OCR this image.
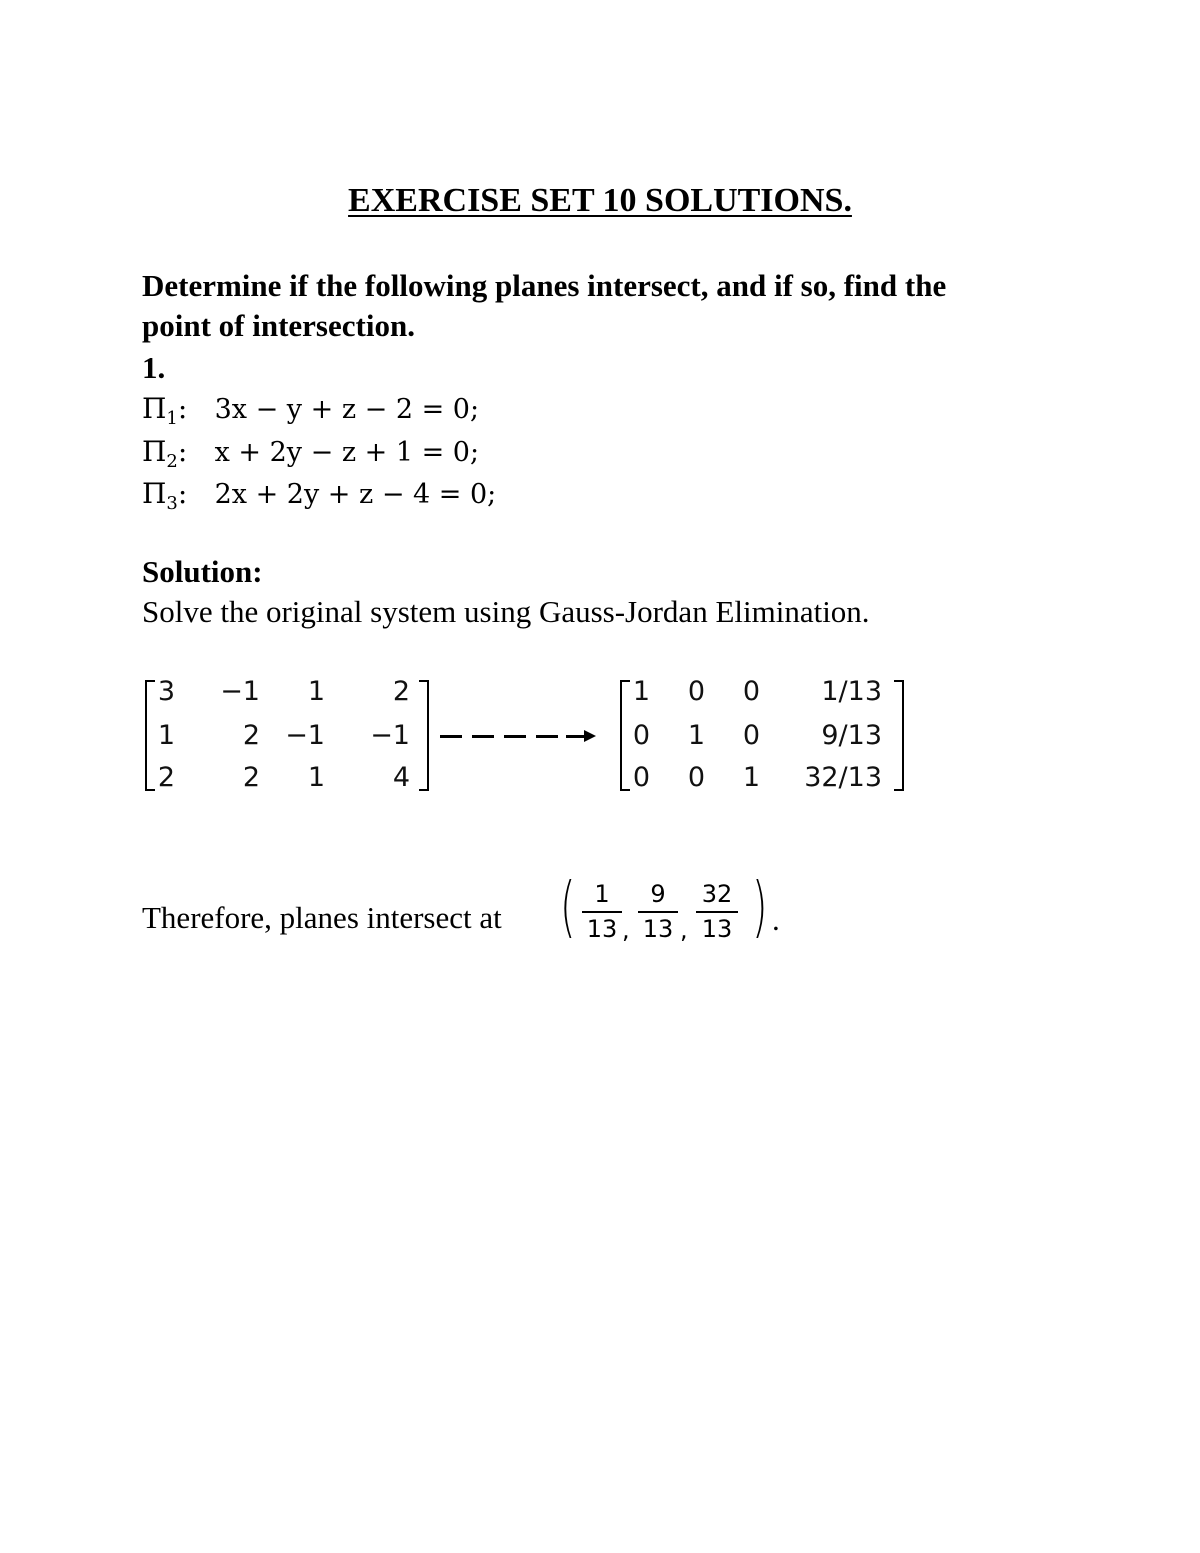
EXERCISE SET 10 SOLUTIONS.
Determine if the following planes intersect, and if so, find the
point of intersection.
1.
$\Pi_1$: 3x − y + z − 2 = 0;
$\Pi_2$: x + 2y − z + 1 = 0;
$\Pi_3$: 2x + 2y + z − 4 = 0;
Solution:
Solve the original system using Gauss-Jordan Elimination.
3 −1 1	2
1	2 −1 −1
2	2 1	4
1 0 0 1/13
0 1 0 9/13
0 0 1 32/13
Therefore, planes intersect at ( 1
13 ,
9
13 ,
32
13 ) .
